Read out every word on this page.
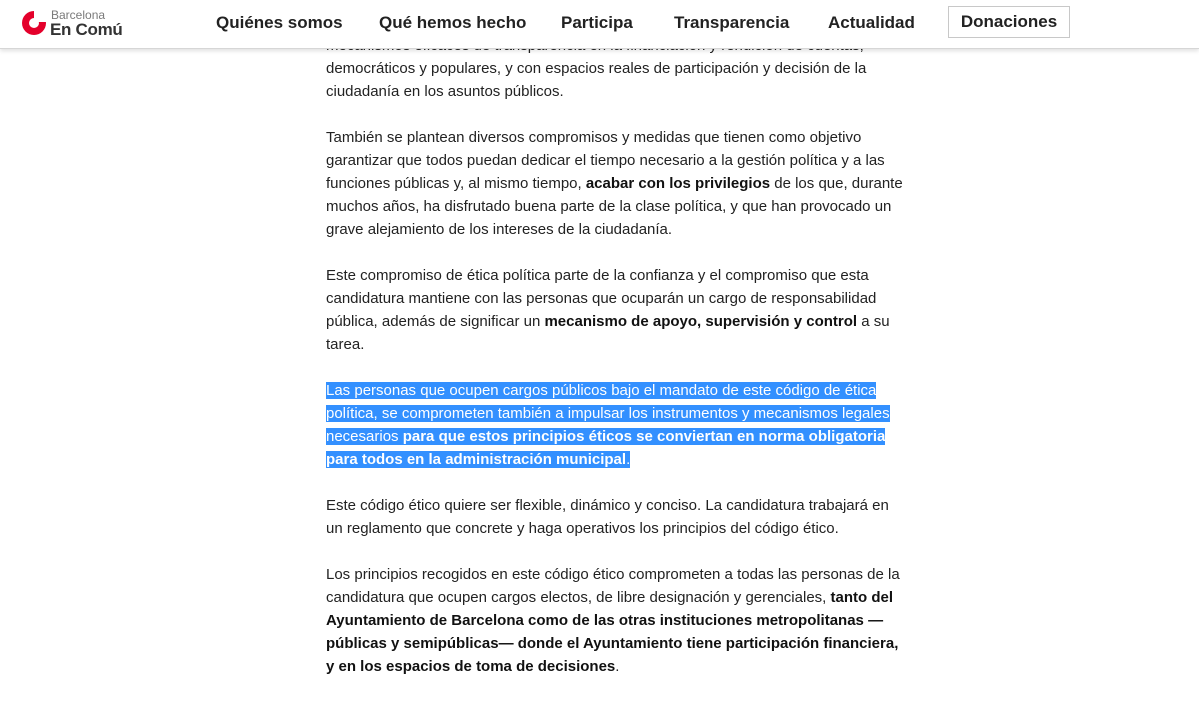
democráticos y populares, y con espacios reales de participación y decisión de la ciudadanía en los asuntos públicos.

También se plantean diversos compromisos y medidas que tienen como objetivo garantizar que todos puedan dedicar el tiempo necesario a la gestión política y a las funciones públicas y, al mismo tiempo, acabar con los privilegios de los que, durante muchos años, ha disfrutado buena parte de la clase política, y que han provocado un grave alejamiento de los intereses de la ciudadanía.

Este compromiso de ética política parte de la confianza y el compromiso que esta candidatura mantiene con las personas que ocuparán un cargo de responsabilidad pública, además de significar un mecanismo de apoyo, supervisión y control a su tarea.

Las personas que ocupen cargos públicos bajo el mandato de este código de ética política, se comprometen también a impulsar los instrumentos y mecanismos legales necesarios para que estos principios éticos se conviertan en norma obligatoria para todos en la administración municipal.

Este código ético quiere ser flexible, dinámico y conciso. La candidatura trabajará en un reglamento que concrete y haga operativos los principios del código ético.

Los principios recogidos en este código ético comprometen a todas las personas de la candidatura que ocupen cargos electos, de libre designación y gerenciales, tanto del Ayuntamiento de Barcelona como de las otras instituciones metropolitanas —públicas y semipúblicas— donde el Ayuntamiento tiene participación financiera, y en los espacios de toma de decisiones.

Barcelona
En Comú	Quiénes somos Qué hemos hecho Participa Transparencia Actualidad	Donaciones
